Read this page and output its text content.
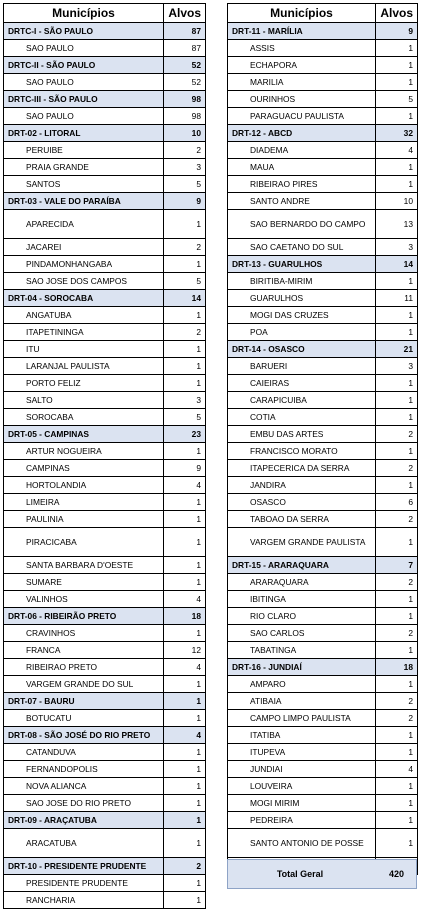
Municípios	Alvos
DRTC-I - SÃO PAULO	87
SAO PAULO	87
DRTC-II - SÃO PAULO	52
SAO PAULO	52
DRTC-III - SÃO PAULO	98
SAO PAULO	98
DRT-02 - LITORAL	10
PERUIBE	2
PRAIA GRANDE	3
SANTOS	5
DRT-03 - VALE DO PARAÍBA	9
APARECIDA	1
JACAREI	2
PINDAMONHANGABA	1
SAO JOSE DOS CAMPOS	5
DRT-04 - SOROCABA	14
ANGATUBA	1
ITAPETININGA	2
ITU	1
LARANJAL PAULISTA	1
PORTO FELIZ	1
SALTO	3
SOROCABA	5
DRT-05 - CAMPINAS	23
ARTUR NOGUEIRA	1
CAMPINAS	9
HORTOLANDIA	4
LIMEIRA	1
PAULINIA	1
PIRACICABA	1
SANTA BARBARA D'OESTE	1
SUMARE	1
VALINHOS	4
DRT-06 - RIBEIRÃO PRETO	18
CRAVINHOS	1
FRANCA	12
RIBEIRAO PRETO	4
VARGEM GRANDE DO SUL	1
DRT-07 - BAURU	1
BOTUCATU	1
DRT-08 - SÃO JOSÉ DO RIO PRETO	4
CATANDUVA	1
FERNANDOPOLIS	1
NOVA ALIANCA	1
SAO JOSE DO RIO PRETO	1
DRT-09 - ARAÇATUBA	1
ARACATUBA	1
DRT-10 - PRESIDENTE PRUDENTE	2
PRESIDENTE PRUDENTE	1
RANCHARIA	1
Municípios	Alvos
DRT-11 - MARÍLIA	9
ASSIS	1
ECHAPORA	1
MARILIA	1
OURINHOS	5
PARAGUACU PAULISTA	1
DRT-12 - ABCD	32
DIADEMA	4
MAUA	1
RIBEIRAO PIRES	1
SANTO ANDRE	10
SAO BERNARDO DO CAMPO	13
SAO CAETANO DO SUL	3
DRT-13 - GUARULHOS	14
BIRITIBA-MIRIM	1
GUARULHOS	11
MOGI DAS CRUZES	1
POA	1
DRT-14 - OSASCO	21
BARUERI	3
CAIEIRAS	1
CARAPICUIBA	1
COTIA	1
EMBU DAS ARTES	2
FRANCISCO MORATO	1
ITAPECERICA DA SERRA	2
JANDIRA	1
OSASCO	6
TABOAO DA SERRA	2
VARGEM GRANDE PAULISTA	1
DRT-15 - ARARAQUARA	7
ARARAQUARA	2
IBITINGA	1
RIO CLARO	1
SAO CARLOS	2
TABATINGA	1
DRT-16 - JUNDIAÍ	18
AMPARO	1
ATIBAIA	2
CAMPO LIMPO PAULISTA	2
ITATIBA	1
ITUPEVA	1
JUNDIAI	4
LOUVEIRA	1
MOGI MIRIM	1
PEDREIRA	1
SANTO ANTONIO DE POSSE	1

Total Geral	420
